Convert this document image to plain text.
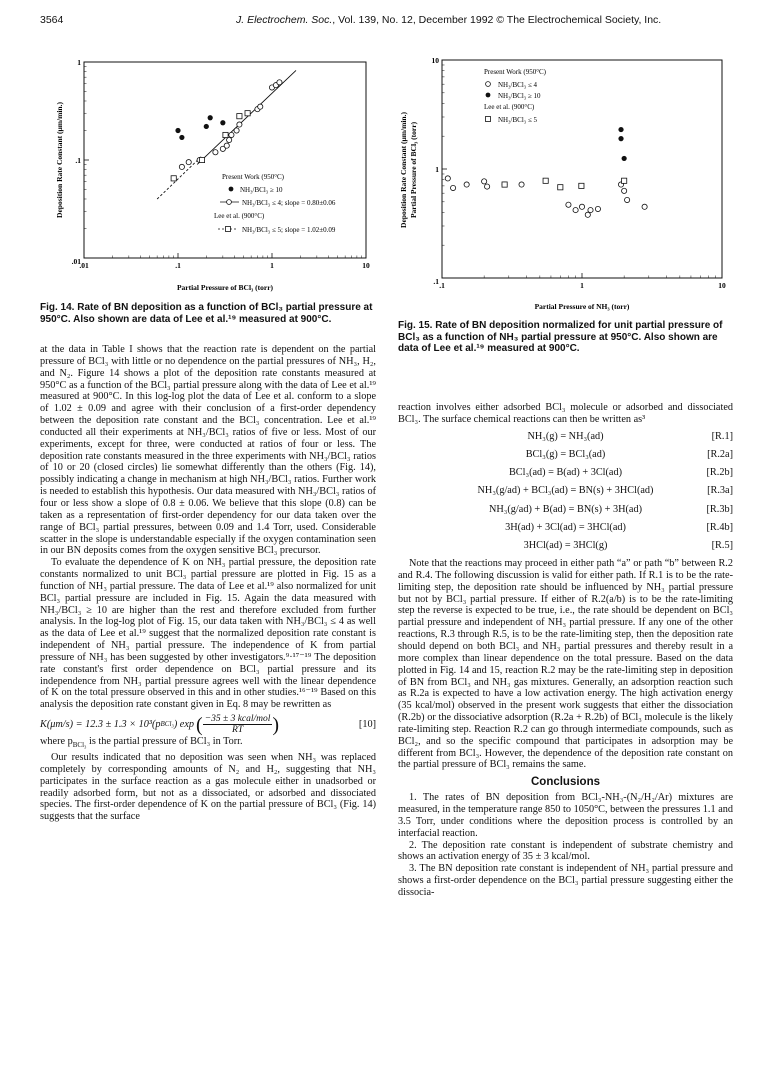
3564	J. Electrochem. Soc., Vol. 139, No. 12, December 1992 © The Electrochemical Society, Inc.
.01	.1	1	10
1
.1
.01
Deposition Rate Constant (μm/min.)
Partial Pressure of BCl₃ (torr)
Present Work (950°C)
NH₃/BCl₃ ≥ 10
NH₃/BCl₃ ≤ 4; slope = 0.80±0.06
Lee et al. (900°C)
NH₃/BCl₃ ≤ 5; slope = 1.02±0.09
Fig. 14. Rate of BN deposition as a function of BCl₃ partial pressure at 950°C. Also shown are data of Lee et al.¹⁹ measured at 900°C.
.1	1	10
10
1
.1
Deposition Rate Constant (μm/min.) Partial Pressure of BCl₃ (torr)
Partial Pressure of NH₃ (torr)
Present Work (950°C)
NH₃/BCl₃ ≤ 4
NH₃/BCl₃ ≥ 10
Lee et al. (900°C)
NH₃/BCl₃ ≤ 5
Fig. 15. Rate of BN deposition normalized for unit partial pressure of BCl₃ as a function of NH₃ partial pressure at 950°C. Also shown are data of Lee et al.¹⁹ measured at 900°C.

at the data in Table I shows that the reaction rate is dependent on the partial pressure of BCl₃ with little or no dependence on the partial pressures of NH₃, H₂, and N₂. Figure 14 shows a plot of the deposition rate constants measured at 950°C as a function of the BCl₃ partial pressure along with the data of Lee et al.¹⁹ measured at 900°C. In this log-log plot the data of Lee et al. conform to a slope of 1.02 ± 0.09 and agree with their conclusion of a first-order dependency between the deposition rate constant and the BCl₃ concentration. Lee et al.¹⁹ conducted all their experiments at NH₃/BCl₃ ratios of five or less. Most of our experiments, except for three, were conducted at ratios of four or less. The deposition rate constants measured in the three experiments with NH₃/BCl₃ ratios of 10 or 20 (closed circles) lie somewhat differently than the others (Fig. 14), possibly indicating a change in mechanism at high NH₃/BCl₃ ratios. Further work is needed to establish this hypothesis. Our data measured with NH₃/BCl₃ ratios of four or less show a slope of 0.8 ± 0.06. We believe that this slope (0.8) can be taken as a representation of first-order dependency for our data taken over the range of BCl₃ partial pressures, between 0.09 and 1.4 Torr, used. Considerable scatter in the slope is understandable especially if the oxygen contamination seen in our BN deposits comes from the oxygen sensitive BCl₃ precursor.

To evaluate the dependence of K on NH₃ partial pressure, the deposition rate constants normalized to unit BCl₃ partial pressure are plotted in Fig. 15 as a function of NH₃ partial pressure. The data of Lee et al.¹⁹ also normalized for unit BCl₃ partial pressure are included in Fig. 15. Again the data measured with NH₃/BCl₃ ≥ 10 are higher than the rest and therefore excluded from further analysis. In the log-log plot of Fig. 15, our data taken with NH₃/BCl₃ ≤ 4 as well as the data of Lee et al.¹⁹ suggest that the normalized deposition rate constant is independent of NH₃ partial pressure. The independence of K from partial pressure of NH₃ has been suggested by other investigators.⁹·¹⁷⁻¹⁹ The deposition rate constant's first order dependence on BCl₃ partial pressure and its independence from NH₃ partial pressure agrees well with the linear dependence of K on the total pressure observed in this and in other studies.¹⁶⁻¹⁹ Based on this analysis the deposition rate constant given in Eq. 8 may be rewritten as

K(μm/s) = 12.3 ± 1.3 × 10³(p BCl₃ ) exp ( −35 ± 3 kcal/mol
RT )	[10]

where $p_{BCl_3}$ is the partial pressure of BCl₃ in Torr.

Our results indicated that no deposition was seen when NH₃ was replaced completely by corresponding amounts of N₂ and H₂, suggesting that NH₃ participates in the surface reaction as a gas molecule either in unadsorbed or readily adsorbed form, but not as a dissociated, or adsorbed and dissociated species. The first-order dependence of K on the partial pressure of BCl₃ (Fig. 14) suggests that the surface

reaction involves either adsorbed BCl₃ molecule or adsorbed and dissociated BCl₃. The surface chemical reactions can then be written as³

NH₃(g) = NH₃(ad)	[R.1]
BCl₃(g) = BCl₃(ad)	[R.2a]
BCl₃(ad) = B(ad) + 3Cl(ad)	[R.2b]
NH₃(g/ad) + BCl₃(ad) = BN(s) + 3HCl(ad)	[R.3a]
NH₃(g/ad) + B(ad) = BN(s) + 3H(ad)	[R.3b]
3H(ad) + 3Cl(ad) = 3HCl(ad)	[R.4b]
3HCl(ad) = 3HCl(g)	[R.5]

Note that the reactions may proceed in either path “a” or path “b” between R.2 and R.4. The following discussion is valid for either path. If R.1 is to be the rate-limiting step, the deposition rate should be influenced by NH₃ partial pressure but not by BCl₃ partial pressure. If either of R.2(a/b) is to be the rate-limiting step the reverse is expected to be true, i.e., the rate should be dependent on BCl₃ partial pressure and independent of NH₃ partial pressure. If any one of the other reactions, R.3 through R.5, is to be the rate-limiting step, then the deposition rate should depend on both BCl₃ and NH₃ partial pressures and thereby result in a more complex than linear dependence on the total pressure. Based on the data plotted in Fig. 14 and 15, reaction R.2 may be the rate-limiting step in deposition of BN from BCl₃ and NH₃ gas mixtures. Generally, an adsorption reaction such as R.2a is expected to have a low activation energy. The high activation energy (35 kcal/mol) observed in the present work suggests that either the dissociation (R.2b) or the dissociative adsorption (R.2a + R.2b) of BCl₃ molecule is the likely rate-limiting step. Reaction R.2 can go through intermediate compounds, such as BCl₂, and so the specific compound that participates in adsorption may be different from BCl₃. However, the dependence of the deposition rate constant on the partial pressure of BCl₃ remains the same.

Conclusions

1. The rates of BN deposition from BCl₃-NH₃-(N₂/H₂/Ar) mixtures are measured, in the temperature range 850 to 1050°C, between the pressures 1.1 and 3.5 Torr, under conditions where the deposition process is controlled by an interfacial reaction.

2. The deposition rate constant is independent of substrate chemistry and shows an activation energy of 35 ± 3 kcal/mol.

3. The BN deposition rate constant is independent of NH₃ partial pressure and shows a first-order dependence on the BCl₃ partial pressure suggesting either the dissocia-
